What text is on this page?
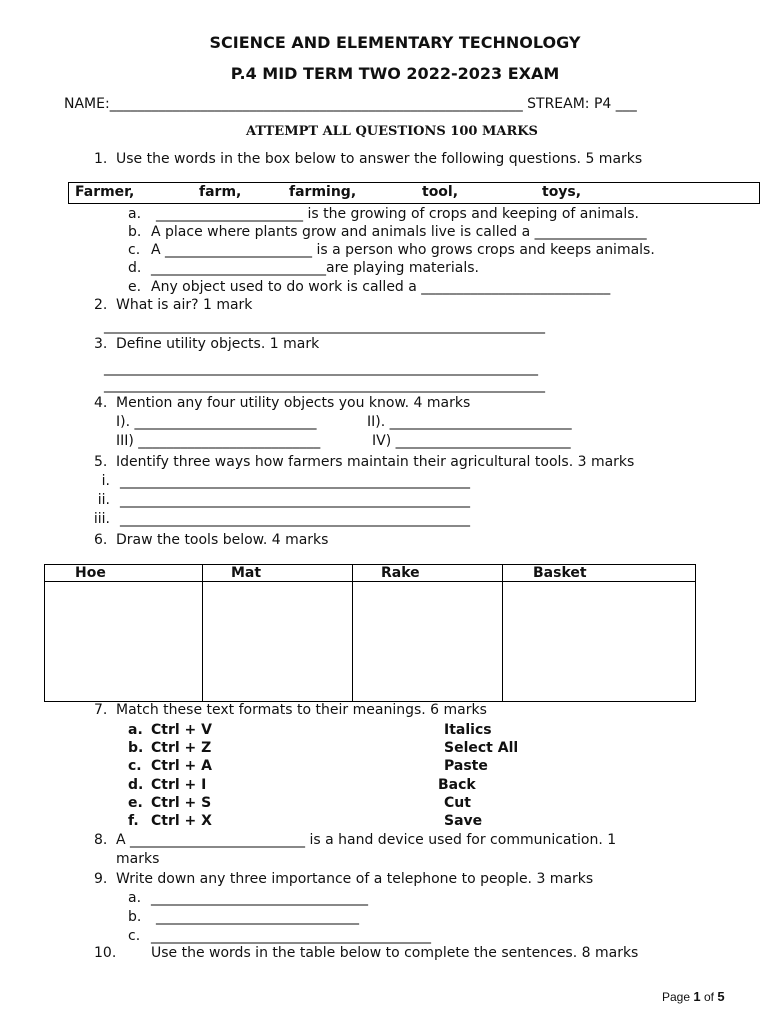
SCIENCE AND ELEMENTARY TECHNOLOGY
P.4 MID TERM TWO 2022-2023 EXAM
NAME:___________________________________________________________ STREAM: P4 ___
ATTEMPT ALL QUESTIONS 100 MARKS
1. Use the words in the box below to answer the following questions. 5 marks
Farmer,	farm,	farming,	tool,	toys,
a. _____________________ is the growing of crops and keeping of animals.
b. A place where plants grow and animals live is called a ________________
c. A _____________________ is a person who grows crops and keeps animals.
d. _________________________are playing materials.
e. Any object used to do work is called a ___________________________
2. What is air? 1 mark
_______________________________________________________________
3. Define utility objects. 1 mark
______________________________________________________________
_______________________________________________________________
4. Mention any four utility objects you know. 4 marks
I). __________________________	II). __________________________
III) __________________________	IV) _________________________
5. Identify three ways how farmers maintain their agricultural tools. 3 marks
i. __________________________________________________
ii. __________________________________________________
iii. __________________________________________________
6. Draw the tools below. 4 marks
Hoe	Mat	Rake	Basket

7. Match these text formats to their meanings. 6 marks
a. Ctrl + V	Italics
b. Ctrl + Z	Select All
c. Ctrl + A	Paste
d. Ctrl + I	Back
e. Ctrl + S	Cut
f. Ctrl + X	Save
8. A _________________________ is a hand device used for communication. 1
marks
9. Write down any three importance of a telephone to people. 3 marks
a. _______________________________
b. _____________________________
c. ________________________________________
10. Use the words in the table below to complete the sentences. 8 marks
Page 1 of 5
